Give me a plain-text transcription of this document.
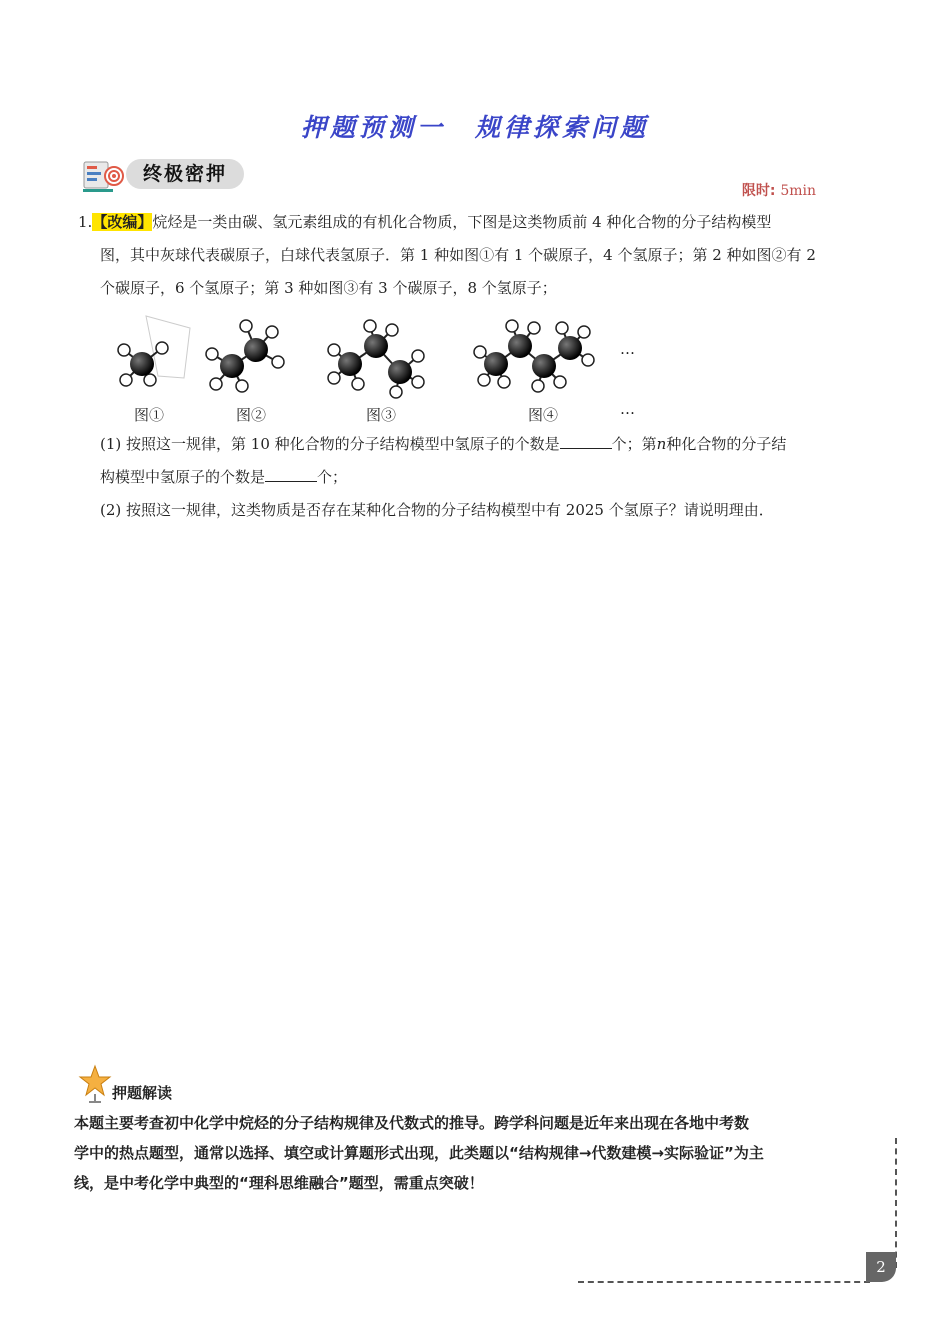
押题预测一　规律探索问题
终极密押
限时: 5min

1.【改编】烷烃是一类由碳、氢元素组成的有机化合物质，下图是这类物质前 4 种化合物的分子结构模型

图，其中灰球代表碳原子，白球代表氢原子．第 1 种如图①有 1 个碳原子，4 个氢原子；第 2 种如图②有 2

个碳原子，6 个氢原子；第 3 种如图③有 3 个碳原子，8 个氢原子；

…
图①	图②	图③	图④	…
(1) 按照这一规律，第 10 种化合物的分子结构模型中氢原子的个数是	个；第n种化合物的分子结
构模型中氢原子的个数是	个；
(2) 按照这一规律，这类物质是否存在某种化合物的分子结构模型中有 2025 个氢原子？请说明理由．
押题解读
本题主要考查初中化学中烷烃的分子结构规律及代数式的推导。跨学科问题是近年来出现在各地中考数
学中的热点题型，通常以选择、填空或计算题形式出现，此类题以“结构规律→代数建模→实际验证”为主
线，是中考化学中典型的“理科思维融合”题型，需重点突破！
2
